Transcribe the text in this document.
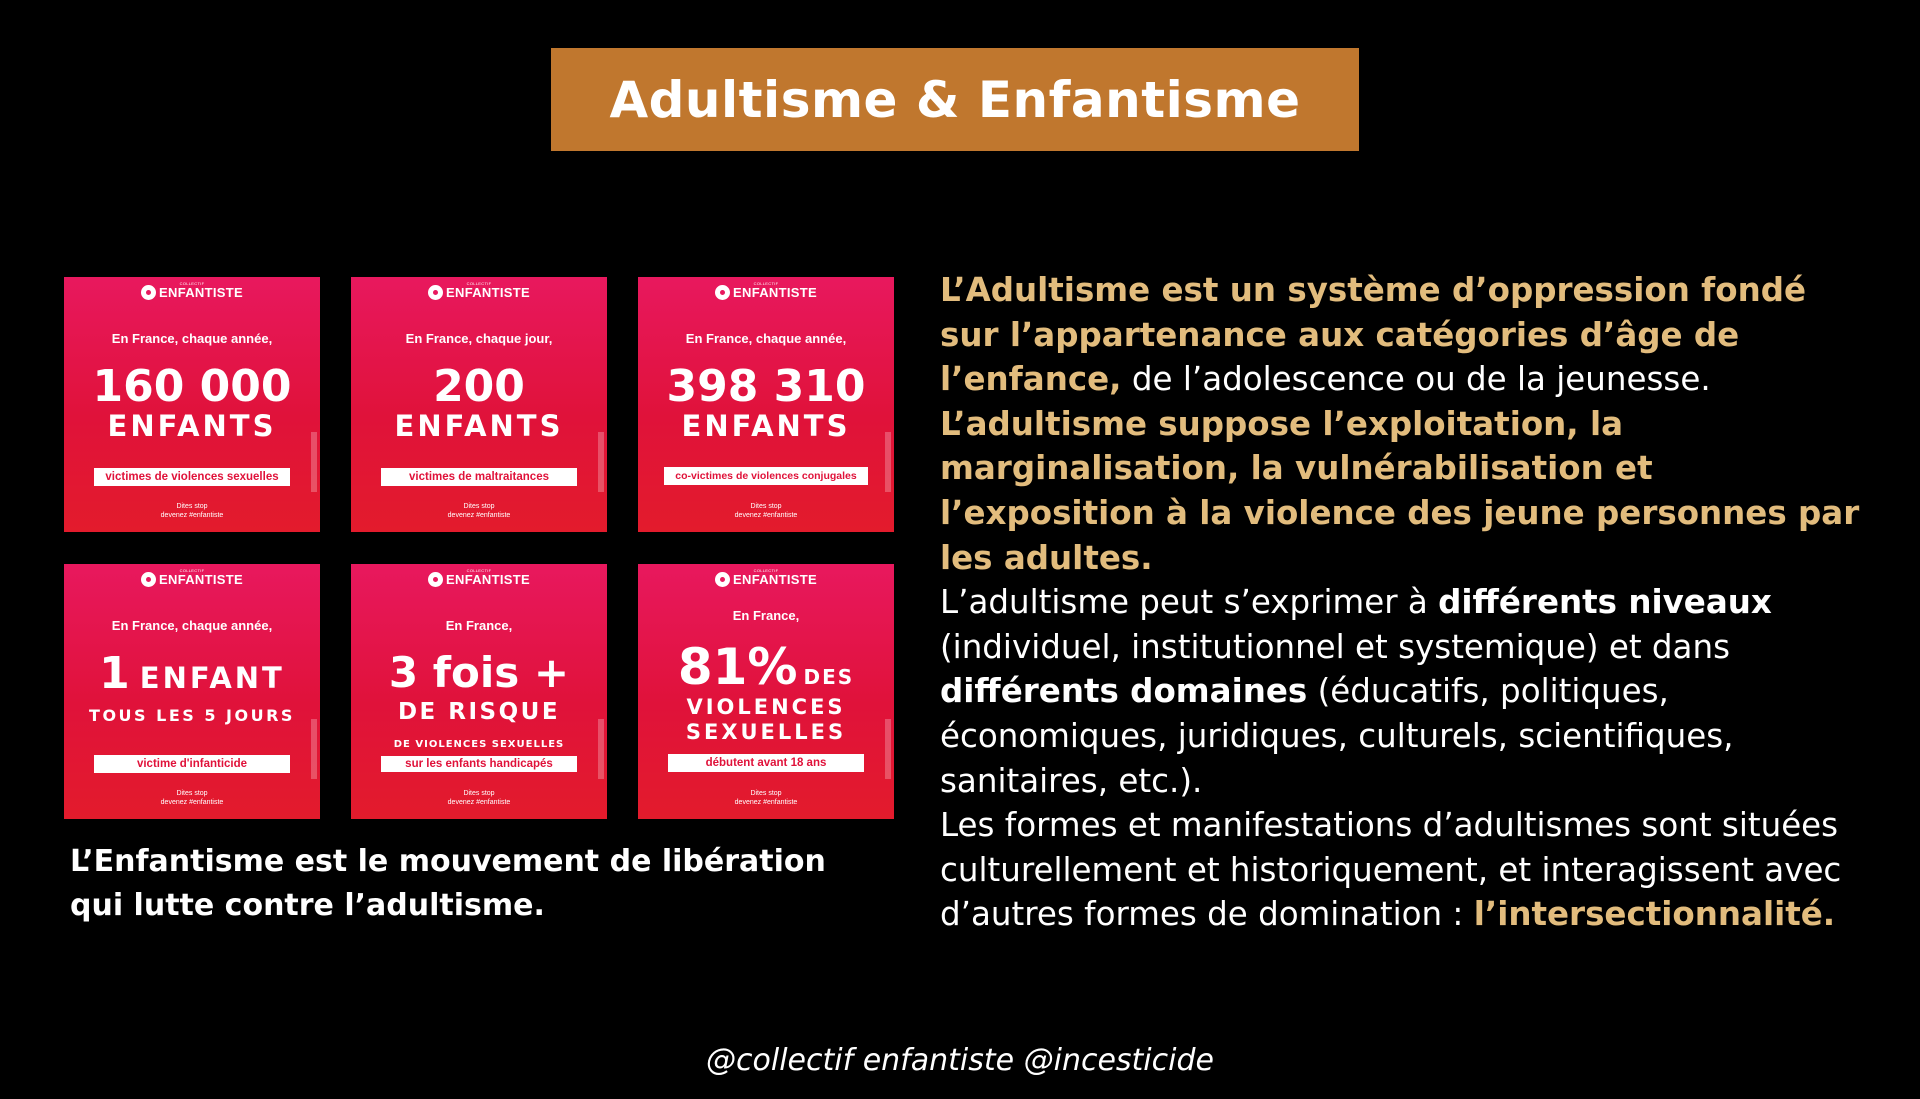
Adultisme & Enfantisme
COLLECTIF
ENFANTISTE
En France, chaque année,
160 000
ENFANTS
victimes de violences sexuelles
Dites stop
devenez #enfantiste
COLLECTIF
ENFANTISTE
En France, chaque jour,
200
ENFANTS
victimes de maltraitances
Dites stop
devenez #enfantiste
COLLECTIF
ENFANTISTE
En France, chaque année,
398 310
ENFANTS
co-victimes de violences conjugales
Dites stop
devenez #enfantiste
COLLECTIF
ENFANTISTE
En France, chaque année,
1 ENFANT
TOUS LES 5 JOURS
victime d'infanticide
Dites stop
devenez #enfantiste
COLLECTIF
ENFANTISTE
En France,
3 fois +
DE RISQUE
DE VIOLENCES SEXUELLES
sur les enfants handicapés
Dites stop
devenez #enfantiste
COLLECTIF
ENFANTISTE
En France,
81% DES
VIOLENCES
SEXUELLES
débutent avant 18 ans
Dites stop
devenez #enfantiste
L’Enfantisme est le mouvement de libération qui lutte contre l’adultisme.

L’Adultisme est un système d’oppression fondé sur l’appartenance aux catégories d’âge de l’enfance, de l’adolescence ou de la jeunesse.

L’adultisme suppose l’exploitation, la marginalisation, la vulnérabilisation et l’exposition à la violence des jeune personnes par les adultes.

L’adultisme peut s’exprimer à différents niveaux (individuel, institutionnel et systemique) et dans différents domaines (éducatifs, politiques, économiques, juridiques, culturels, scientifiques, sanitaires, etc.).

Les formes et manifestations d’adultismes sont situées culturellement et historiquement, et interagissent avec d’autres formes de domination : l’intersectionnalité.

@collectif enfantiste @incesticide
